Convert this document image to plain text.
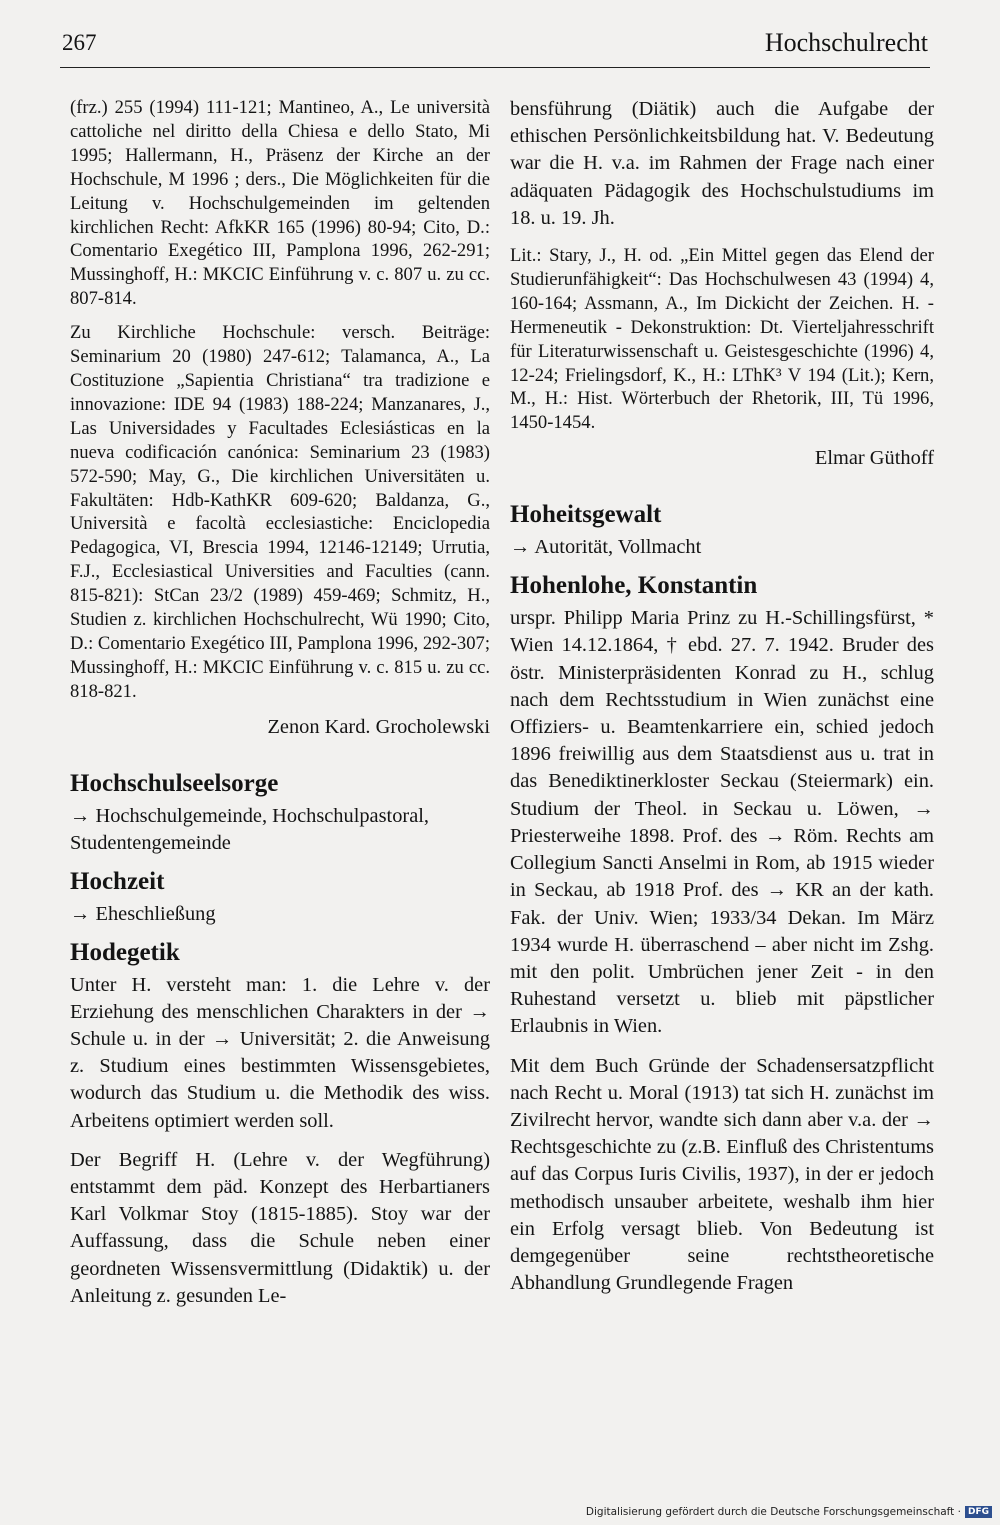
267	Hochschulrecht

(frz.) 255 (1994) 111-121; Mantineo, A., Le università cattoliche nel diritto della Chiesa e dello Stato, Mi 1995; Hallermann, H., Präsenz der Kirche an der Hochschule, M 1996 ; ders., Die Möglichkeiten für die Leitung v. Hochschulgemeinden im geltenden kirchlichen Recht: AfkKR 165 (1996) 80-94; Cito, D.: Comentario Exegético III, Pamplona 1996, 262-291; Mussinghoff, H.: MKCIC Einführung v. c. 807 u. zu cc. 807-814.

Zu Kirchliche Hochschule: versch. Beiträge: Seminarium 20 (1980) 247-612; Talamanca, A., La Costituzione „Sapientia Christiana“ tra tradizione e innovazione: IDE 94 (1983) 188-224; Manzanares, J., Las Universidades y Facultades Eclesiásticas en la nueva codificación canónica: Seminarium 23 (1983) 572-590; May, G., Die kirchlichen Universitäten u. Fakultäten: Hdb-KathKR 609-620; Baldanza, G., Università e facoltà ecclesiastiche: Enciclopedia Pedagogica, VI, Brescia 1994, 12146-12149; Urrutia, F.J., Ecclesiastical Universities and Faculties (cann. 815-821): StCan 23/2 (1989) 459-469; Schmitz, H., Studien z. kirchlichen Hochschulrecht, Wü 1990; Cito, D.: Comentario Exegético III, Pamplona 1996, 292-307; Mussinghoff, H.: MKCIC Einführung v. c. 815 u. zu cc. 818-821.

Zenon Kard. Grocholewski

Hochschulseelsorge

→ Hochschulgemeinde, Hochschulpastoral, Studentengemeinde

Hochzeit

→ Eheschließung

Hodegetik

Unter H. versteht man: 1. die Lehre v. der Erziehung des menschlichen Charakters in der → Schule u. in der → Universität; 2. die Anweisung z. Studium eines bestimmten Wissensgebietes, wodurch das Studium u. die Methodik des wiss. Arbeitens optimiert werden soll.

Der Begriff H. (Lehre v. der Wegführung) entstammt dem päd. Konzept des Herbartianers Karl Volkmar Stoy (1815-1885). Stoy war der Auffassung, dass die Schule neben einer geordneten Wissensvermittlung (Didaktik) u. der Anleitung z. gesunden Le-

bensführung (Diätik) auch die Aufgabe der ethischen Persönlichkeitsbildung hat. V. Bedeutung war die H. v.a. im Rahmen der Frage nach einer adäquaten Pädagogik des Hochschulstudiums im 18. u. 19. Jh.

Lit.: Stary, J., H. od. „Ein Mittel gegen das Elend der Studierunfähigkeit“: Das Hochschulwesen 43 (1994) 4, 160-164; Assmann, A., Im Dickicht der Zeichen. H. - Hermeneutik - Dekonstruktion: Dt. Vierteljahresschrift für Literaturwissenschaft u. Geistesgeschichte (1996) 4, 12-24; Frielingsdorf, K., H.: LThK³ V 194 (Lit.); Kern, M., H.: Hist. Wörterbuch der Rhetorik, III, Tü 1996, 1450-1454.

Elmar Güthoff

Hoheitsgewalt

→ Autorität, Vollmacht

Hohenlohe, Konstantin

urspr. Philipp Maria Prinz zu H.-Schillingsfürst, * Wien 14.12.1864, † ebd. 27. 7. 1942. Bruder des östr. Ministerpräsidenten Konrad zu H., schlug nach dem Rechtsstudium in Wien zunächst eine Offiziers- u. Beamtenkarriere ein, schied jedoch 1896 freiwillig aus dem Staatsdienst aus u. trat in das Benediktinerkloster Seckau (Steiermark) ein. Studium der Theol. in Seckau u. Löwen, → Priesterweihe 1898. Prof. des → Röm. Rechts am Collegium Sancti Anselmi in Rom, ab 1915 wieder in Seckau, ab 1918 Prof. des → KR an der kath. Fak. der Univ. Wien; 1933/34 Dekan. Im März 1934 wurde H. überraschend – aber nicht im Zshg. mit den polit. Umbrüchen jener Zeit - in den Ruhestand versetzt u. blieb mit päpstlicher Erlaubnis in Wien.

Mit dem Buch Gründe der Schadensersatzpflicht nach Recht u. Moral (1913) tat sich H. zunächst im Zivilrecht hervor, wandte sich dann aber v.a. der → Rechtsgeschichte zu (z.B. Einfluß des Christentums auf das Corpus Iuris Civilis, 1937), in der er jedoch methodisch unsauber arbeitete, weshalb ihm hier ein Erfolg versagt blieb. Von Bedeutung ist demgegenüber seine rechtstheoretische Abhandlung Grundlegende Fragen

Digitalisierung gefördert durch die Deutsche Forschungsgemeinschaft · DFG
